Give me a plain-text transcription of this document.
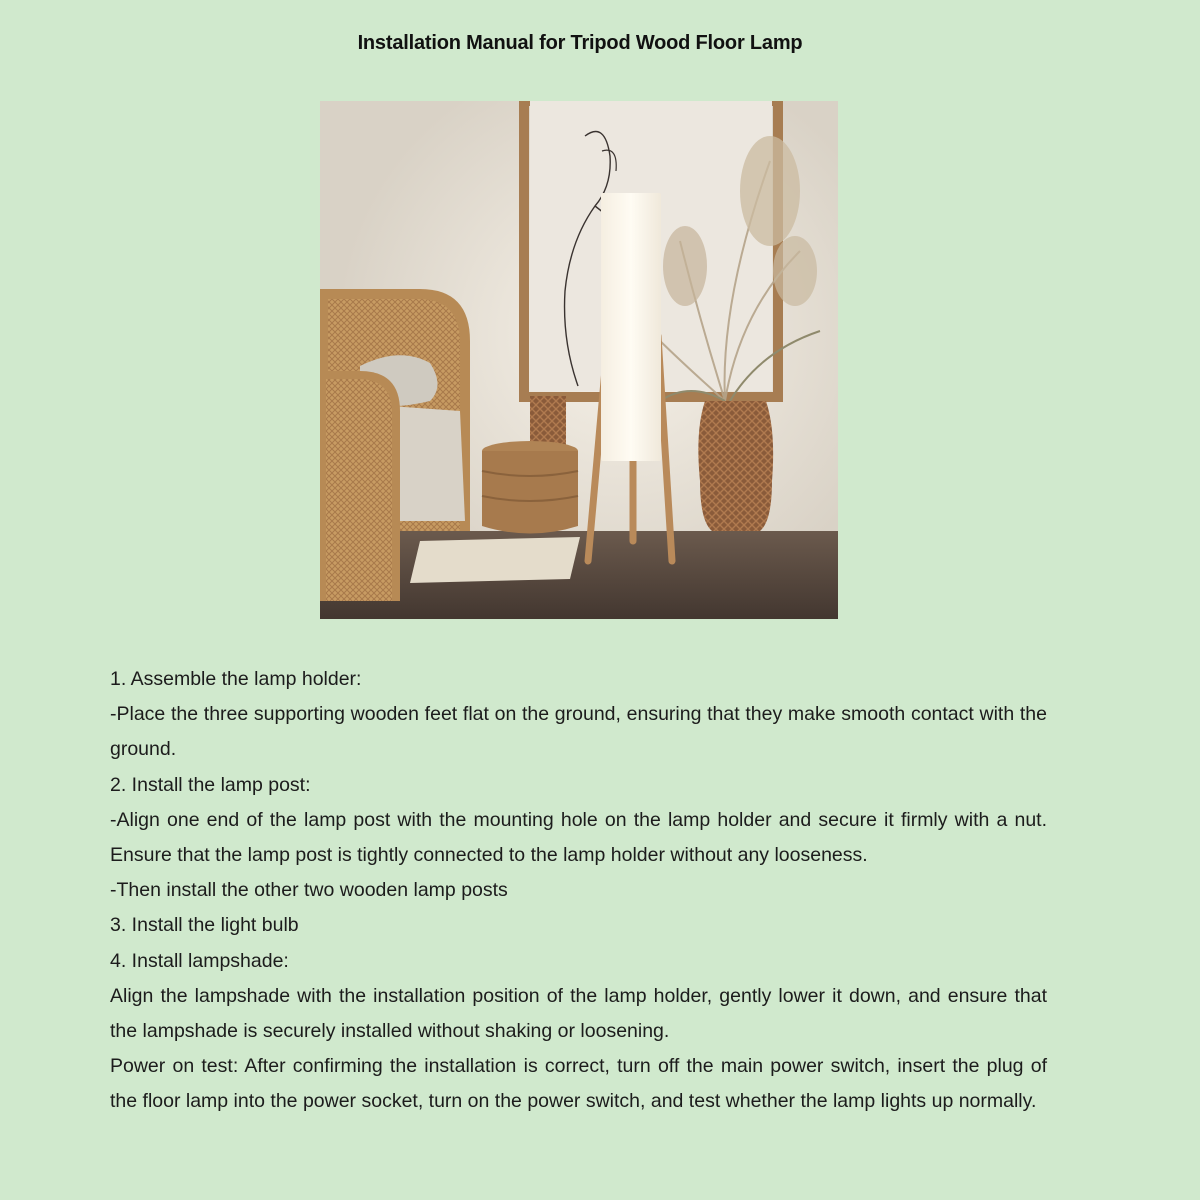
Installation Manual for Tripod Wood Floor Lamp

1. Assemble the lamp holder:

-Place the three supporting wooden feet flat on the ground, ensuring that they make smooth contact with the ground.

2. Install the lamp post:

-Align one end of the lamp post with the mounting hole on the lamp holder and secure it firmly with a nut. Ensure that the lamp post is tightly connected to the lamp holder without any looseness.

-Then install the other two wooden lamp posts

3. Install the light bulb

4. Install lampshade:

Align the lampshade with the installation position of the lamp holder, gently lower it down, and ensure that the lampshade is securely installed without shaking or loosening.

Power on test: After confirming the installation is correct, turn off the main power switch, insert the plug of the floor lamp into the power socket, turn on the power switch, and test whether the lamp lights up normally.
